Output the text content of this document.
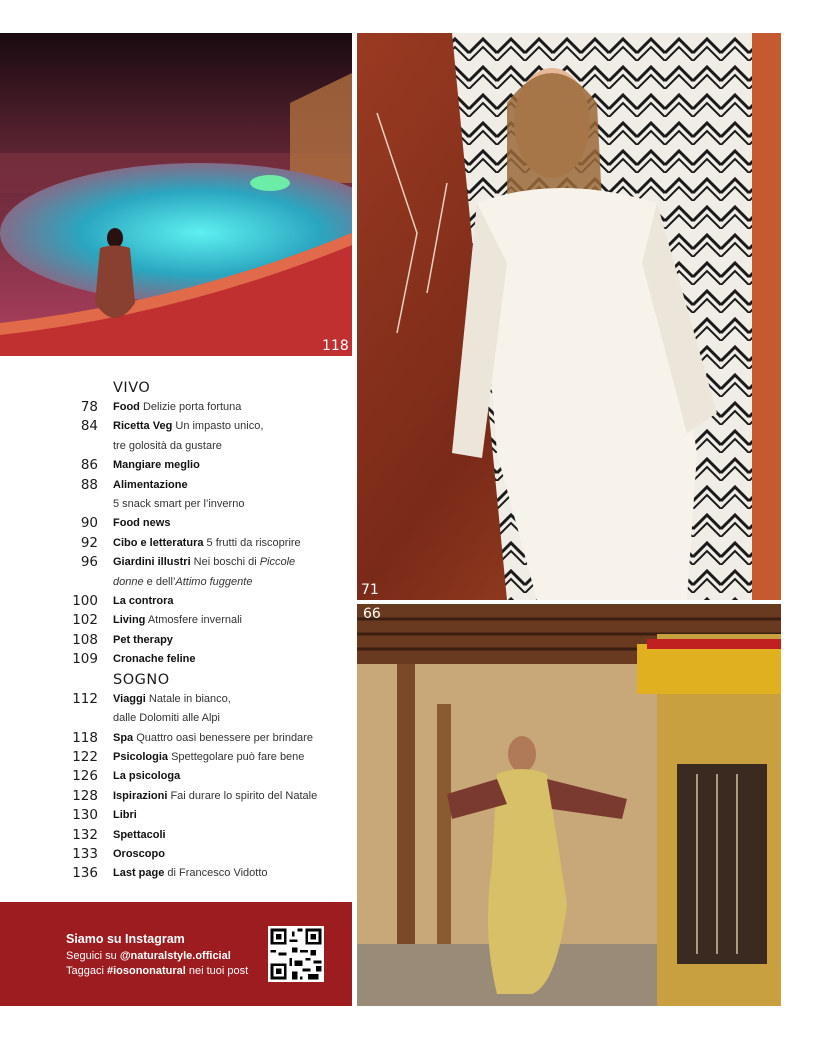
118
71
66
VIVO
78	Food Delizie porta fortuna
84	Ricetta Veg Un impasto unico,
tre golosità da gustare
86	Mangiare meglio
88	Alimentazione
5 snack smart per l’inverno
90	Food news
92	Cibo e letteratura 5 frutti da riscoprire
96	Giardini illustri Nei boschi di Piccole
donne e dell’Attimo fuggente
100	La controra
102	Living Atmosfere invernali
108	Pet therapy
109	Cronache feline
SOGNO
112	Viaggi Natale in bianco,
dalle Dolomiti alle Alpi
118	Spa Quattro oasi benessere per brindare
122	Psicologia Spettegolare può fare bene
126	La psicologa
128	Ispirazioni Fai durare lo spirito del Natale
130	Libri
132	Spettacoli
133	Oroscopo
136	Last page di Francesco Vidotto
Siamo su Instagram
Seguici su @naturalstyle.official
Taggaci #iosononatural nei tuoi post
